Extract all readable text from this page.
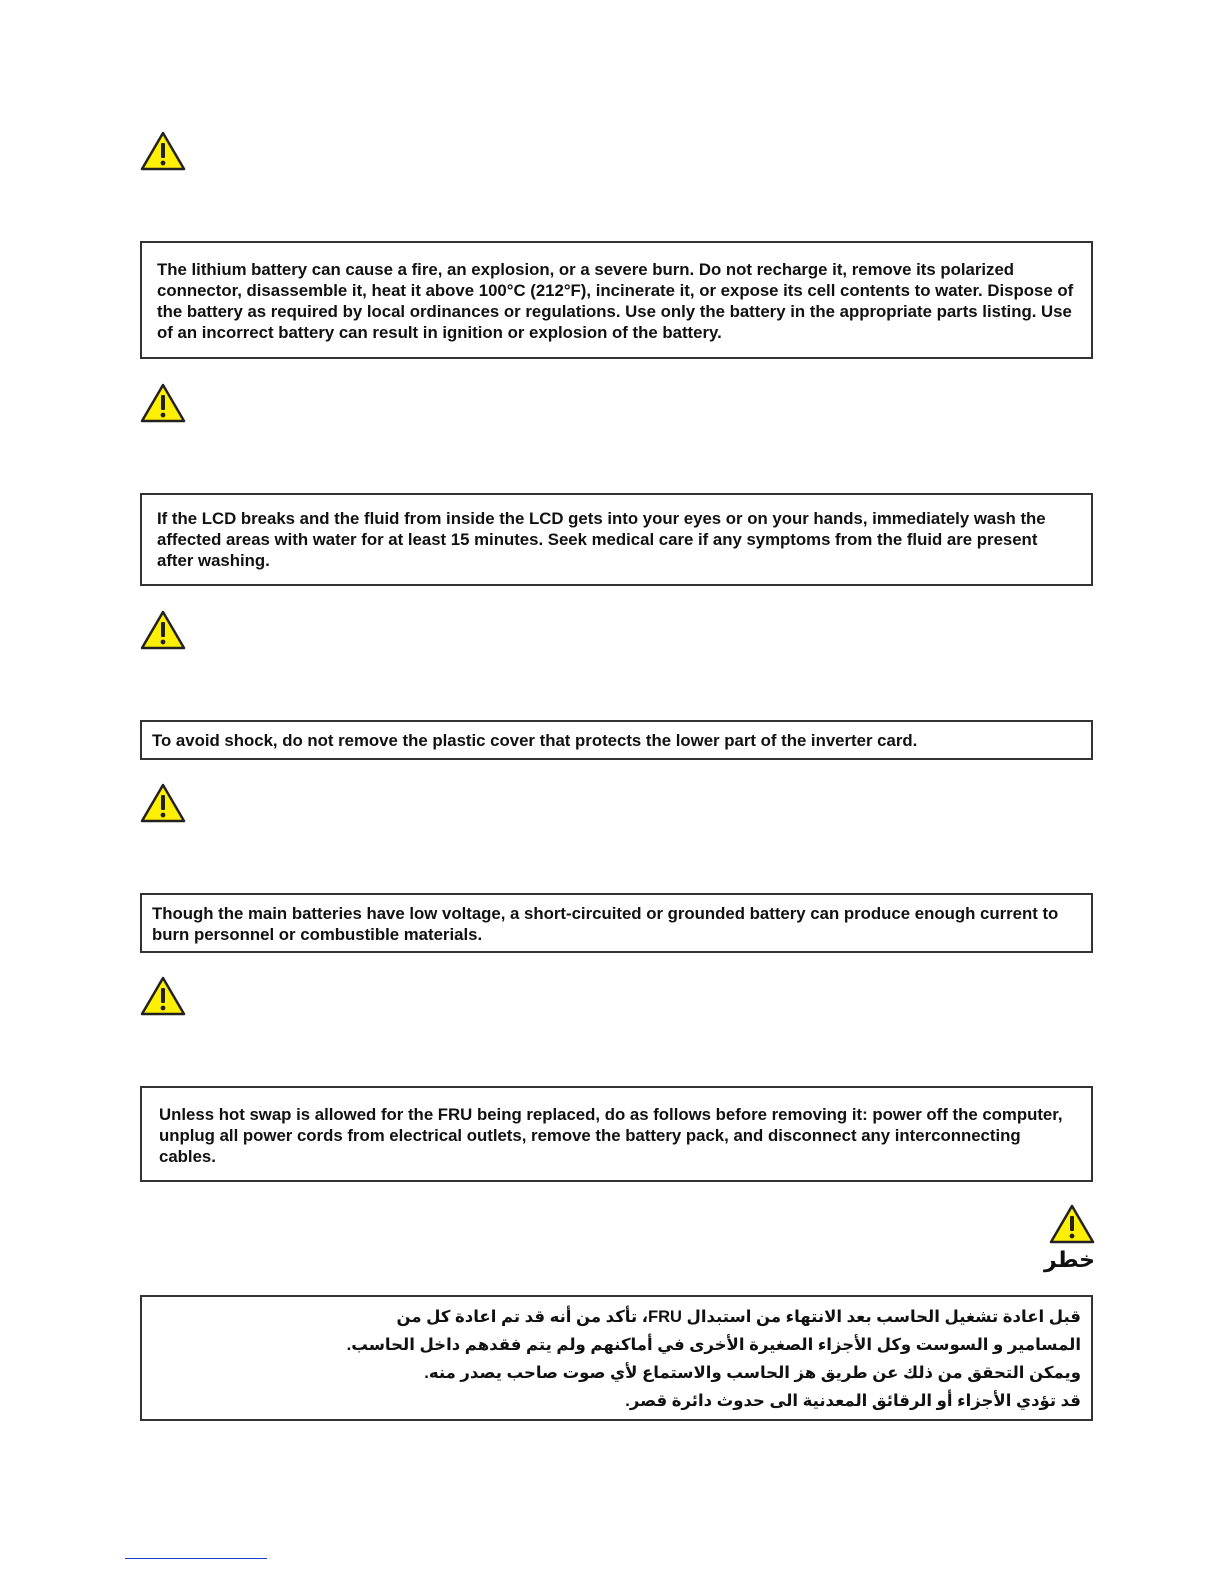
The lithium battery can cause a fire, an explosion, or a severe burn. Do not recharge it, remove its polarized connector, disassemble it, heat it above 100°C (212°F), incinerate it, or expose its cell contents to water. Dispose of the battery as required by local ordinances or regulations. Use only the battery in the appropriate parts listing. Use of an incorrect battery can result in ignition or explosion of the battery.

If the LCD breaks and the fluid from inside the LCD gets into your eyes or on your hands, immediately wash the affected areas with water for at least 15 minutes. Seek medical care if any symptoms from the fluid are present after washing.

To avoid shock, do not remove the plastic cover that protects the lower part of the inverter card.

Though the main batteries have low voltage, a short-circuited or grounded battery can produce enough current to burn personnel or combustible materials.

Unless hot swap is allowed for the FRU being replaced, do as follows before removing it: power off the computer, unplug all power cords from electrical outlets, remove the battery pack, and disconnect any interconnecting cables.

خطر

قبل اعادة تشغيل الحاسب بعد الانتهاء من استبدال FRU، تأكد من أنه قد تم اعادة كل من

المسامير و السوست وكل الأجزاء الصغيرة الأخرى في أماكنهم ولم يتم فقدهم داخل الحاسب.

ويمكن التحقق من ذلك عن طريق هز الحاسب والاستماع لأي صوت صاحب يصدر منه.

قد تؤدي الأجزاء أو الرقائق المعدنية الى حدوث دائرة قصر.
